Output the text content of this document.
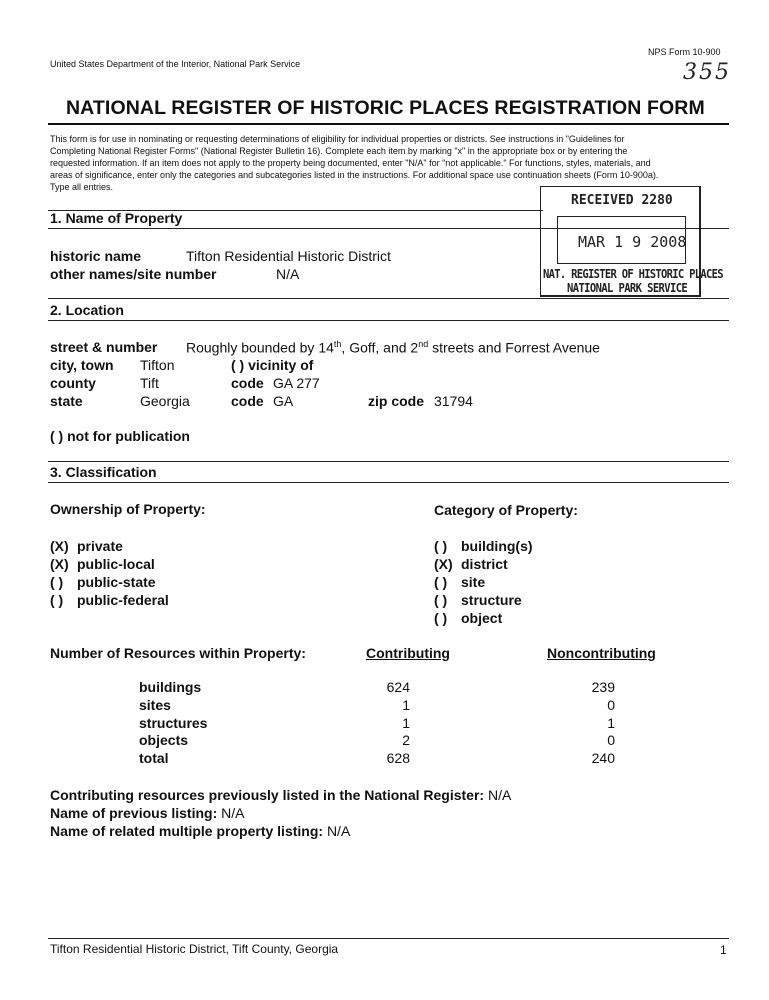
United States Department of the Interior, National Park Service
NPS Form 10-900
355
NATIONAL REGISTER OF HISTORIC PLACES REGISTRATION FORM
This form is for use in nominating or requesting determinations of eligibility for individual properties or districts. See instructions in "Guidelines for
Completing National Register Forms" (National Register Bulletin 16). Complete each item by marking "x" in the appropriate box or by entering the
requested information. If an item does not apply to the property being documented, enter "N/A" for "not applicable." For functions, styles, materials, and
areas of significance, enter only the categories and subcategories listed in the instructions. For additional space use continuation sheets (Form 10-900a).
Type all entries.
RECEIVED 2280
MAR 1 9 2008
NAT. REGISTER OF HISTORIC PLACES
NATIONAL PARK SERVICE
1. Name of Property
historic name	Tifton Residential Historic District
other names/site number	N/A
2. Location
street & number Roughly bounded by 14th, Goff, and 2nd streets and Forrest Avenue
city, town Tifton	( ) vicinity of
county	Tift	code GA 277
state	Georgia	code GA	zip code 31794
( ) not for publication
3. Classification
Ownership of Property:	Category of Property:
(X) private
(X) public-local
( ) public-state
( ) public-federal
( ) building(s)
(X) district
( ) site
( ) structure
( ) object
Number of Resources within Property:	Contributing	Noncontributing
buildings	624	239
sites	1	0
structures	1	1
objects	2	0
total	628	240
Contributing resources previously listed in the National Register: N/A
Name of previous listing: N/A
Name of related multiple property listing: N/A
Tifton Residential Historic District, Tift County, Georgia	1
